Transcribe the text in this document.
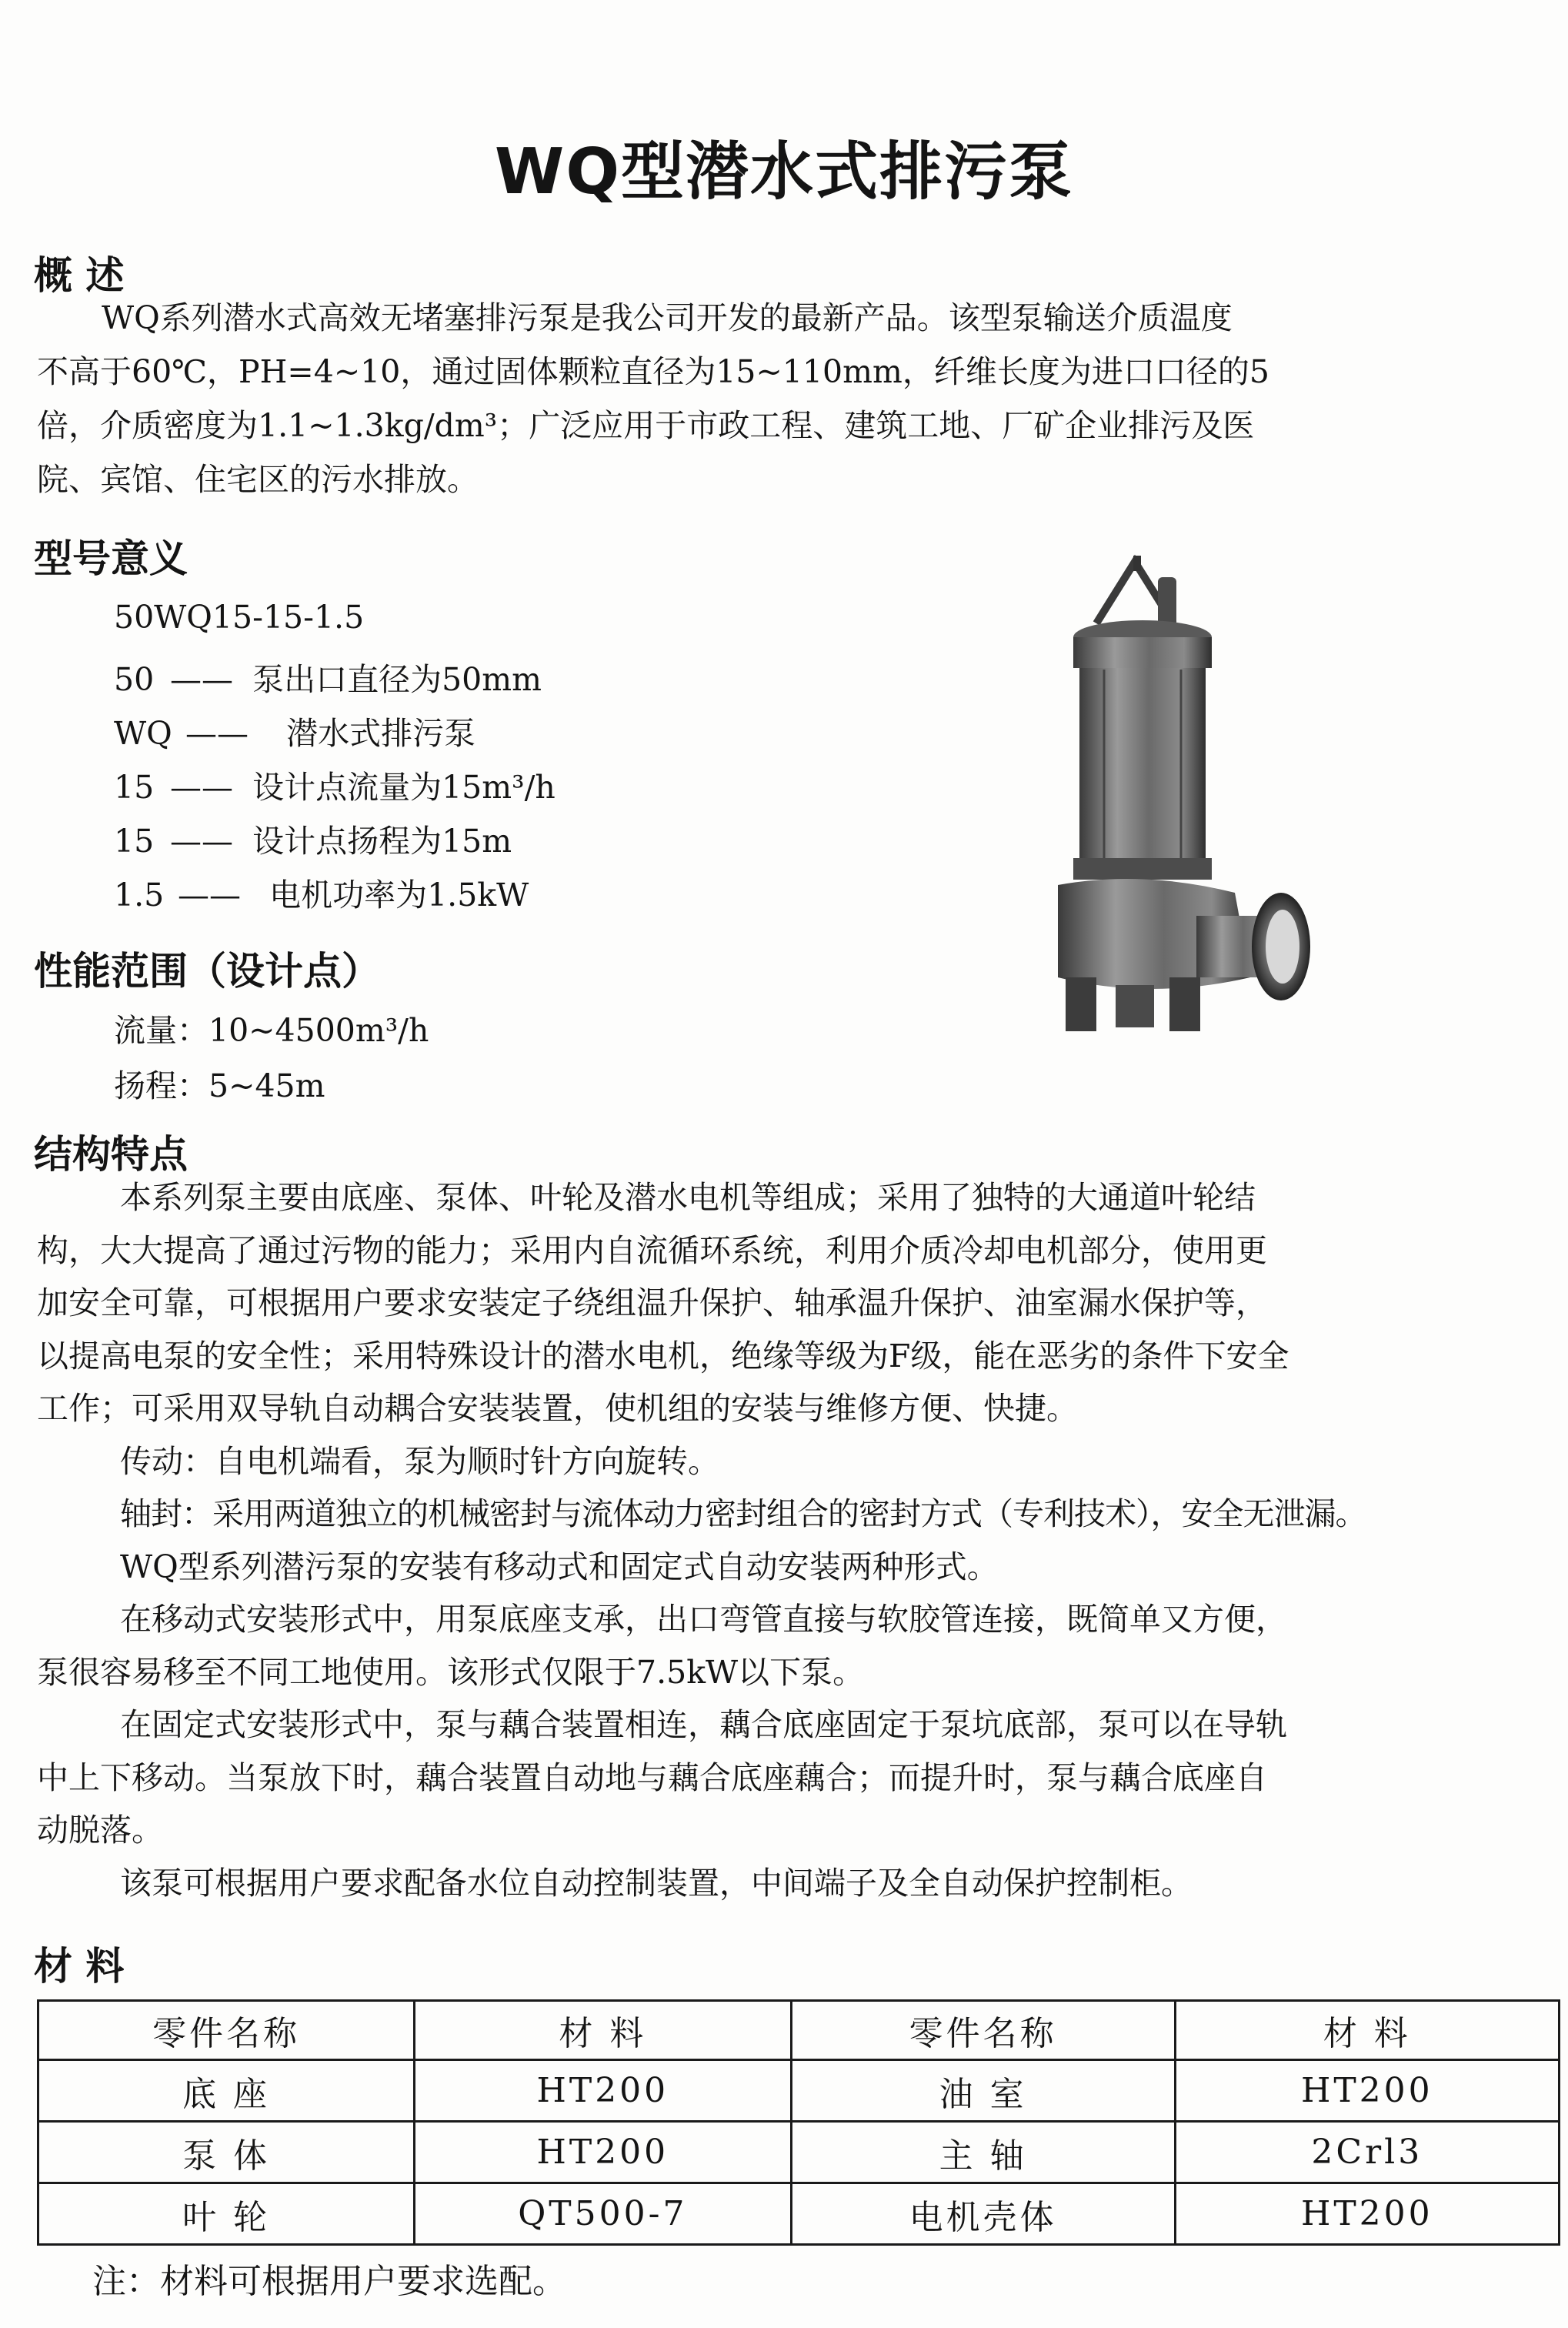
WQ型潜水式排污泵
概 述
WQ系列潜水式高效无堵塞排污泵是我公司开发的最新产品。该型泵输送介质温度
不高于60℃，PH=4~10，通过固体颗粒直径为15~110mm，纤维长度为进口口径的5
倍，介质密度为1.1~1.3kg/dm³；广泛应用于市政工程、建筑工地、厂矿企业排污及医
院、宾馆、住宅区的污水排放。
型号意义
50WQ15-15-1.5
50 —— 泵出口直径为50mm
WQ —— 潜水式排污泵
15 —— 设计点流量为15m³/h
15 —— 设计点扬程为15m
1.5 —— 电机功率为1.5kW
性能范围（设计点）
流量：10~4500m³/h
扬程：5~45m
结构特点
本系列泵主要由底座、泵体、叶轮及潜水电机等组成；采用了独特的大通道叶轮结
构，大大提高了通过污物的能力；采用内自流循环系统，利用介质冷却电机部分，使用更
加安全可靠，可根据用户要求安装定子绕组温升保护、轴承温升保护、油室漏水保护等，
以提高电泵的安全性；采用特殊设计的潜水电机，绝缘等级为F级，能在恶劣的条件下安全
工作；可采用双导轨自动耦合安装装置，使机组的安装与维修方便、快捷。
传动：自电机端看，泵为顺时针方向旋转。
轴封：采用两道独立的机械密封与流体动力密封组合的密封方式（专利技术），安全无泄漏。
WQ型系列潜污泵的安装有移动式和固定式自动安装两种形式。
在移动式安装形式中，用泵底座支承，出口弯管直接与软胶管连接，既简单又方便，
泵很容易移至不同工地使用。该形式仅限于7.5kW以下泵。
在固定式安装形式中，泵与藕合装置相连，藕合底座固定于泵坑底部，泵可以在导轨
中上下移动。当泵放下时，藕合装置自动地与藕合底座藕合；而提升时，泵与藕合底座自
动脱落。
该泵可根据用户要求配备水位自动控制装置，中间端子及全自动保护控制柜。
材 料
零件名称	材 料	零件名称	材 料
底 座	HT200	油 室	HT200
泵 体	HT200	主 轴	2Crl3
叶 轮	QT500-7	电机壳体	HT200
注：材料可根据用户要求选配。
